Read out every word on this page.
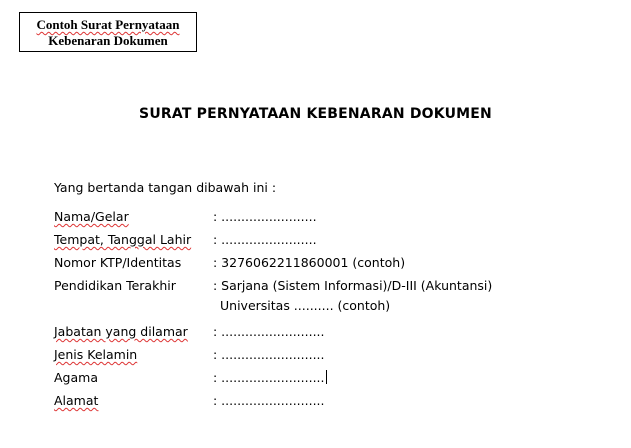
Contoh Surat Pernyataan
Kebenaran Dokumen
SURAT PERNYATAAN KEBENARAN DOKUMEN
Yang bertanda tangan dibawah ini :
Nama/Gelar	: ........................
Tempat, Tanggal Lahir : ........................
Nomor KTP/Identitas	: 3276062211860001 (contoh)
Pendidikan Terakhir	: Sarjana (Sistem Informasi)/D-III (Akuntansi)
Universitas .......... (contoh)
Jabatan yang dilamar : ..........................
Jenis Kelamin	: ..........................
Agama	: ..........................
Alamat	: ..........................
